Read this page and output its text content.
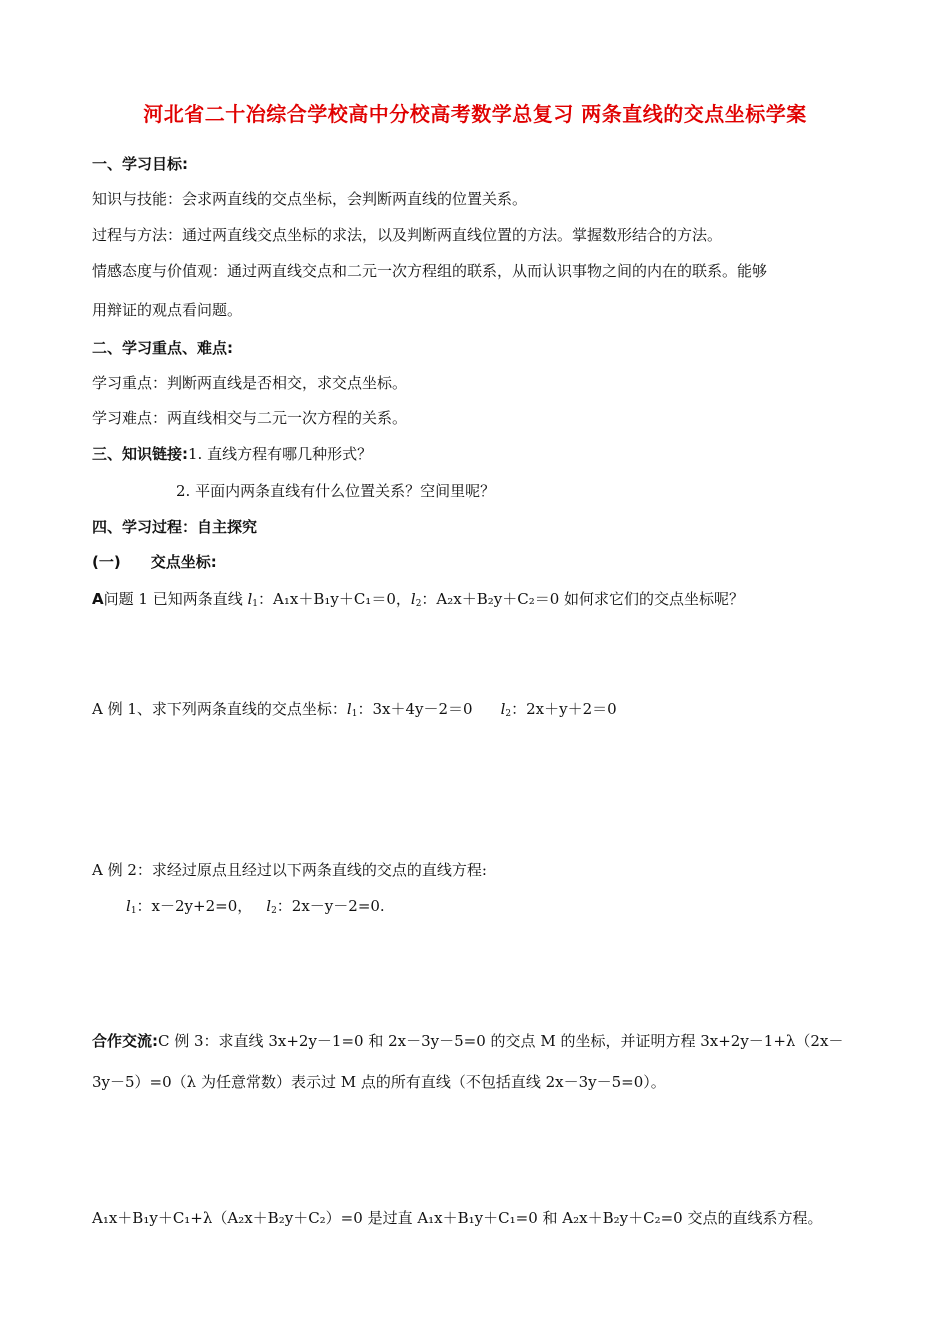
河北省二十冶综合学校高中分校高考数学总复习 两条直线的交点坐标学案
一、学习目标:
知识与技能：会求两直线的交点坐标，会判断两直线的位置关系。
过程与方法：通过两直线交点坐标的求法，以及判断两直线位置的方法。掌握数形结合的方法。
情感态度与价值观：通过两直线交点和二元一次方程组的联系，从而认识事物之间的内在的联系。能够
用辩证的观点看问题。
二、学习重点、难点:
学习重点：判断两直线是否相交，求交点坐标。
学习难点：两直线相交与二元一次方程的关系。
三、知识链接:1. 直线方程有哪几种形式？
2. 平面内两条直线有什么位置关系？空间里呢？
四、学习过程：自主探究
(一)　　交点坐标:
A问题 1 已知两条直线 $l_1$：A₁x＋B₁y＋C₁＝0，$l_2$：A₂x＋B₂y＋C₂＝0 如何求它们的交点坐标呢？
A 例 1、求下列两条直线的交点坐标：$l_1$：3x＋4y－2＝0 $l_2$：2x＋y＋2＝0
A 例 2：求经过原点且经过以下两条直线的交点的直线方程:
$l_1$：x－2y+2=0， $l_2$：2x－y－2=0.
合作交流:C 例 3：求直线 3x+2y－1=0 和 2x－3y－5=0 的交点 M 的坐标，并证明方程 3x+2y－1+λ（2x－
3y－5）=0（λ 为任意常数）表示过 M 点的所有直线（不包括直线 2x－3y－5=0）。
A₁x＋B₁y＋C₁+λ（A₂x＋B₂y＋C₂）=0 是过直 A₁x＋B₁y＋C₁=0 和 A₂x＋B₂y＋C₂=0 交点的直线系方程。
